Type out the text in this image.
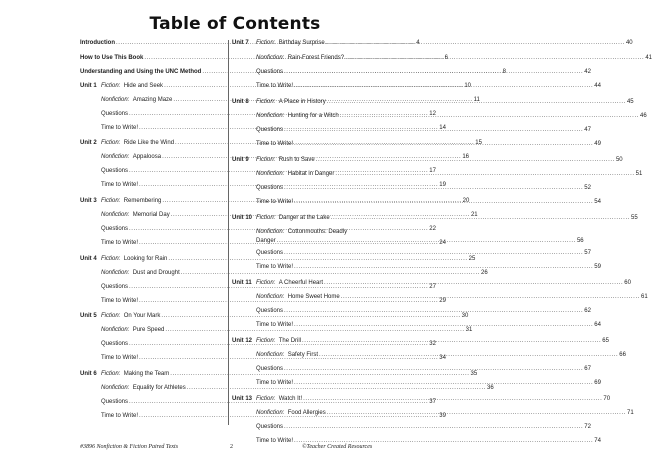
Table of Contents
Introduction .....	4
How to Use This Book .....	6
Understanding and Using the UNC Method .....	8
Unit 1 Fiction: Hide and Seek .....	10
Nonfiction: Amazing Maze .....	11
Questions .....	12
Time to Write! .....	14
Unit 2 Fiction: Ride Like the Wind .....	15
Nonfiction: Appaloosa .....	16
Questions .....	17
Time to Write! .....	19
Unit 3 Fiction: Remembering .....	20
Nonfiction: Memorial Day .....	21
Questions .....	22
Time to Write! .....	24
Unit 4 Fiction: Looking for Rain .....	25
Nonfiction: Dust and Drought .....	26
Questions .....	27
Time to Write! .....	29
Unit 5 Fiction: On Your Mark .....	30
Nonfiction: Pure Speed .....	31
Questions .....	32
Time to Write! .....	34
Unit 6 Fiction: Making the Team .....	35
Nonfiction: Equality for Athletes .....	36
Questions .....	37
Time to Write! .....	39
Unit 7	Fiction: Birthday Surprise .....	40
Nonfiction: Rain-Forest Friends? .....	41
Questions .....	42
Time to Write! .....	44
Unit 8	Fiction: A Place in History .....	45
Nonfiction: Hunting for a Witch .....	46
Questions .....	47
Time to Write! .....	49
Unit 9	Fiction: Rush to Save .....	50
Nonfiction: Habitat in Danger .....	51
Questions .....	52
Time to Write! .....	54
Unit 10 Fiction: Danger at the Lake .....	55
Nonfiction: Cottonmouths: Deadly
Danger .....	56
Questions .....	57
Time to Write! .....	59
Unit 11 Fiction: A Cheerful Heart .....	60
Nonfiction: Home Sweet Home .....	61
Questions .....	62
Time to Write! .....	64
Unit 12 Fiction: The Drill .....	65
Nonfiction: Safety First .....	66
Questions .....	67
Time to Write! .....	69
Unit 13 Fiction: Watch It! .....	70
Nonfiction: Food Allergies .....	71
Questions .....	72
Time to Write! .....	74
#3896 Nonfiction & Fiction Paired Texts	2	©Teacher Created Resources
